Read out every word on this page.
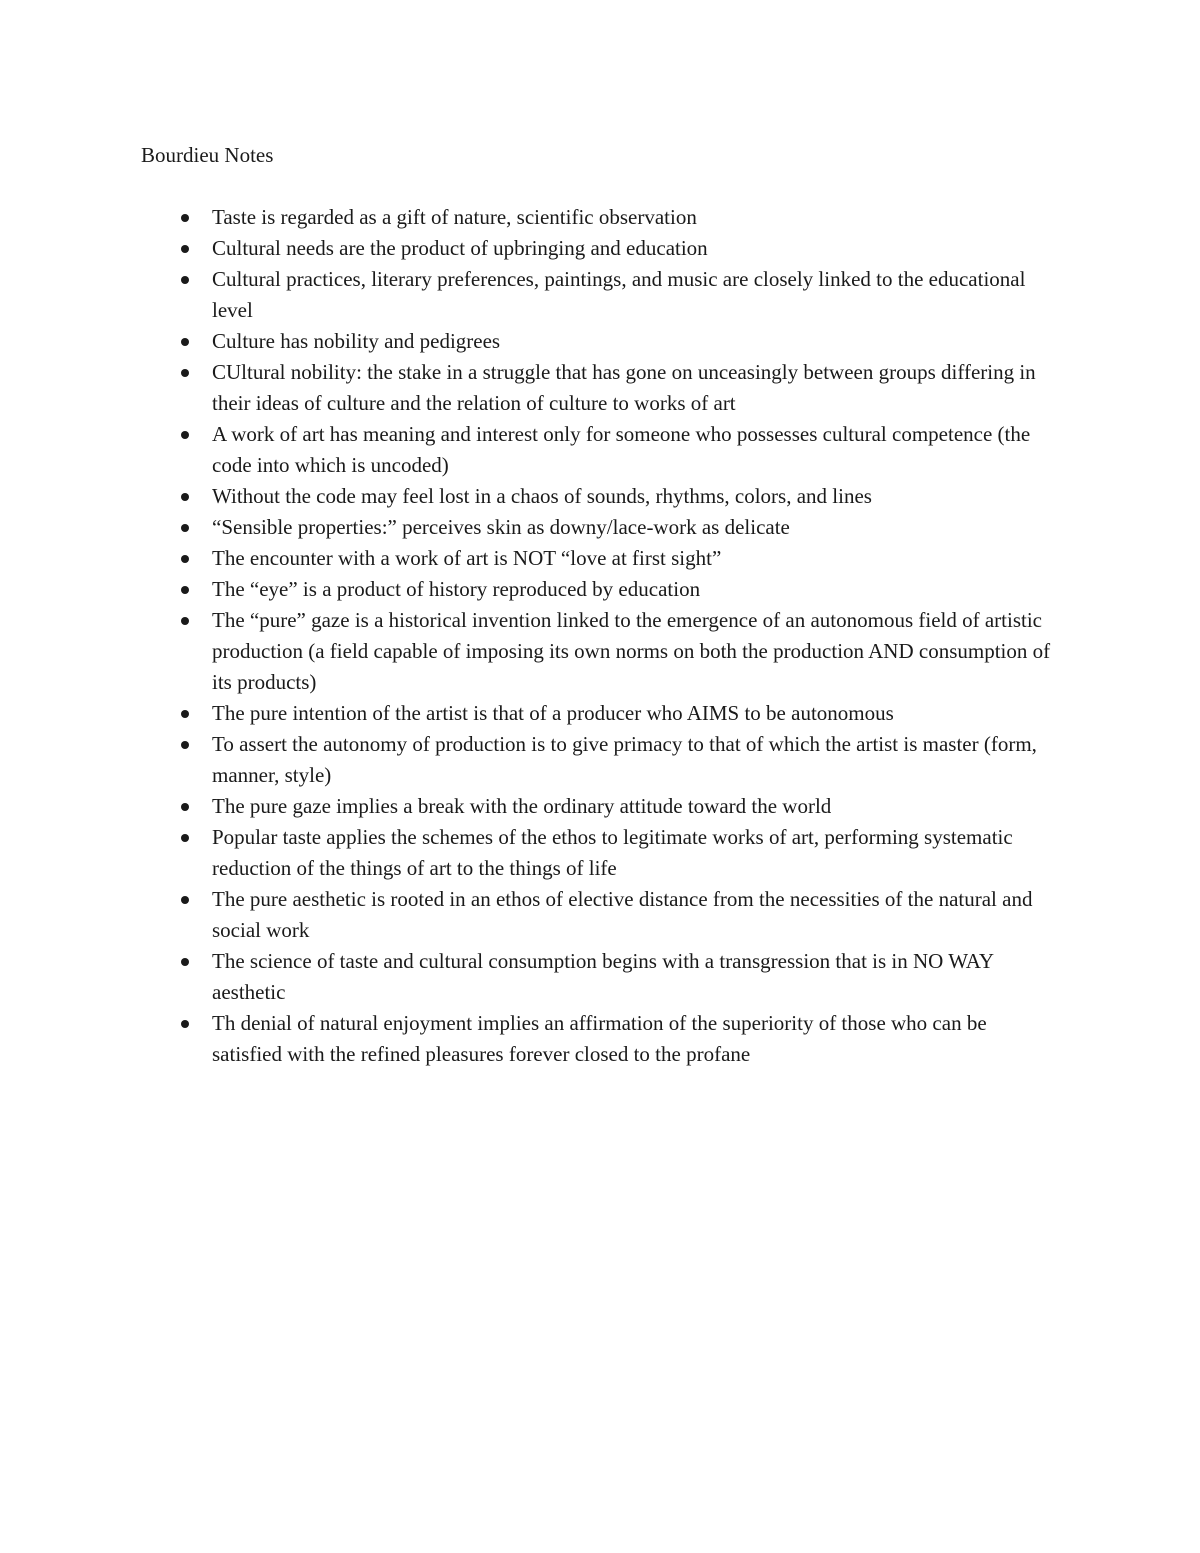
Bourdieu Notes
Taste is regarded as a gift of nature, scientific observation
Cultural needs are the product of upbringing and education
Cultural practices, literary preferences, paintings, and music are closely linked to the educational level
Culture has nobility and pedigrees
CUltural nobility: the stake in a struggle that has gone on unceasingly between groups differing in their ideas of culture and the relation of culture to works of art
A work of art has meaning and interest only for someone who possesses cultural competence (the code into which is uncoded)
Without the code may feel lost in a chaos of sounds, rhythms, colors, and lines
“Sensible properties:” perceives skin as downy/lace-work as delicate
The encounter with a work of art is NOT “love at first sight”
The “eye” is a product of history reproduced by education
The “pure” gaze is a historical invention linked to the emergence of an autonomous field of artistic production (a field capable of imposing its own norms on both the production AND consumption of its products)
The pure intention of the artist is that of a producer who AIMS to be autonomous
To assert the autonomy of production is to give primacy to that of which the artist is master (form, manner, style)
The pure gaze implies a break with the ordinary attitude toward the world
Popular taste applies the schemes of the ethos to legitimate works of art, performing systematic reduction of the things of art to the things of life
The pure aesthetic is rooted in an ethos of elective distance from the necessities of the natural and social work
The science of taste and cultural consumption begins with a transgression that is in NO WAY aesthetic
Th denial of natural enjoyment implies an affirmation of the superiority of those who can be satisfied with the refined pleasures forever closed to the profane
